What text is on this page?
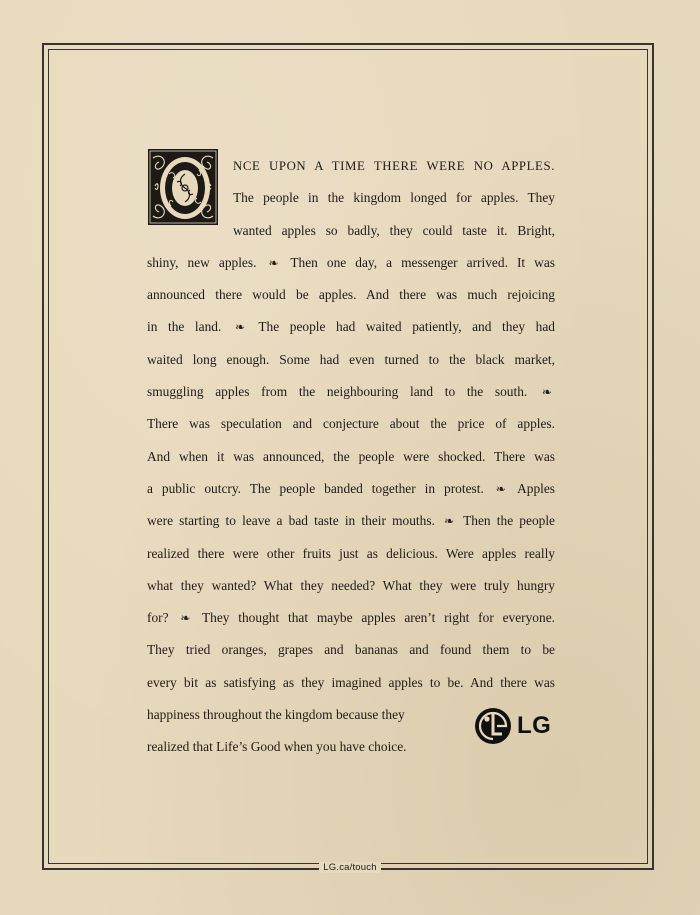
NCE UPON A TIME THERE WERE NO APPLES.
The people in the kingdom longed for apples. They
wanted apples so badly, they could taste it. Bright,
shiny, new apples. ❧ Then one day, a messenger arrived. It was
announced there would be apples. And there was much rejoicing
in the land. ❧ The people had waited patiently, and they had
waited long enough. Some had even turned to the black market,
smuggling apples from the neighbouring land to the south. ❧
There was speculation and conjecture about the price of apples.
And when it was announced, the people were shocked. There was
a public outcry. The people banded together in protest. ❧ Apples
were starting to leave a bad taste in their mouths. ❧ Then the people
realized there were other fruits just as delicious. Were apples really
what they wanted? What they needed? What they were truly hungry
for? ❧ They thought that maybe apples aren’t right for everyone.
They tried oranges, grapes and bananas and found them to be
every bit as satisfying as they imagined apples to be. And there was
happiness throughout the kingdom because they
realized that Life’s Good when you have choice.
LG
LG.ca/touch
